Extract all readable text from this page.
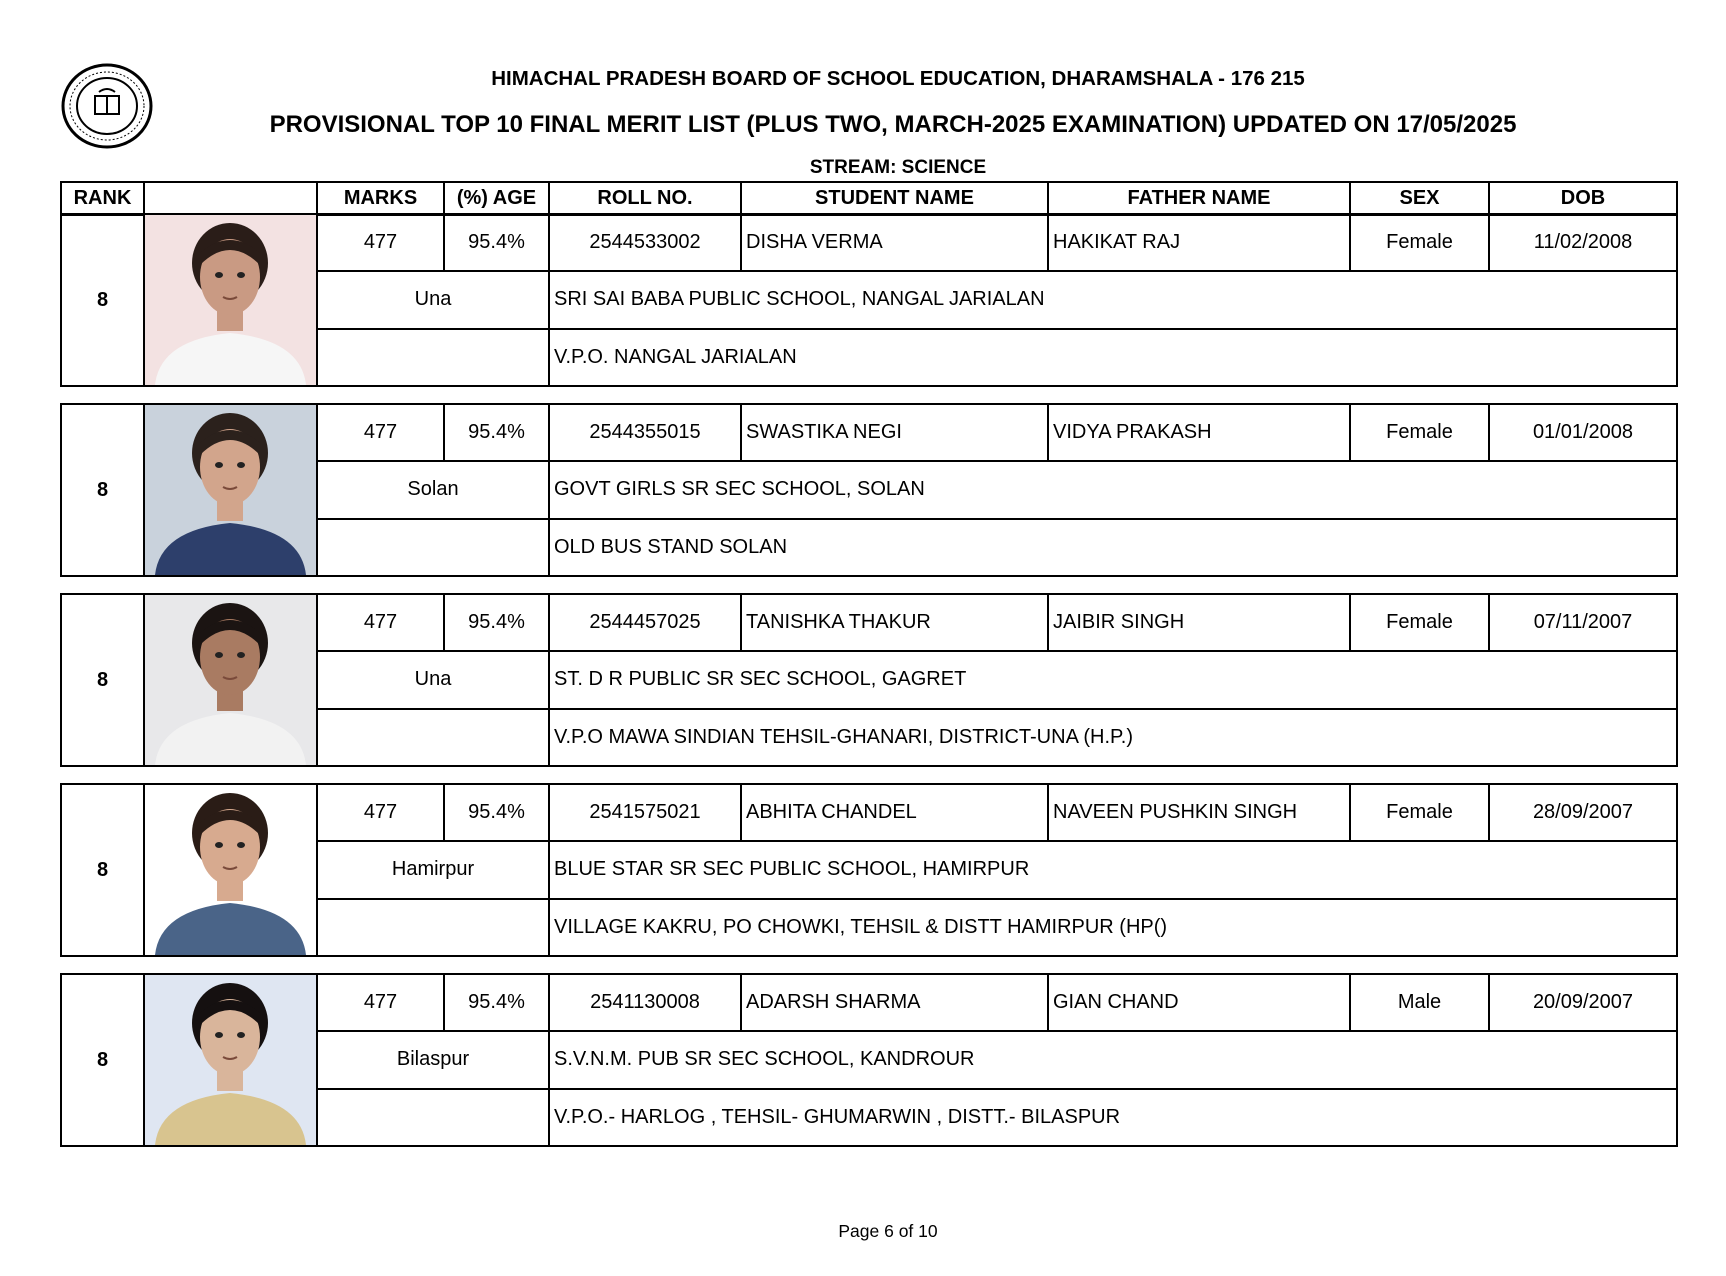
HIMACHAL PRADESH BOARD OF SCHOOL EDUCATION, DHARAMSHALA - 176 215
PROVISIONAL TOP 10 FINAL MERIT LIST (PLUS TWO, MARCH-2025 EXAMINATION) UPDATED ON 17/05/2025
STREAM: SCIENCE
RANK		MARKS	(%) AGE	ROLL NO.	STUDENT NAME	FATHER NAME	SEX	DOB
8		477	95.4%	2544533002	DISHA VERMA	HAKIKAT RAJ	Female	11/02/2008
		Una		SRI SAI BABA PUBLIC SCHOOL, NANGAL JARIALAN				
				V.P.O. NANGAL JARIALAN				
8		477	95.4%	2544355015	SWASTIKA NEGI	VIDYA PRAKASH	Female	01/01/2008
		Solan		GOVT GIRLS SR SEC SCHOOL, SOLAN				
				OLD BUS STAND SOLAN				
8		477	95.4%	2544457025	TANISHKA THAKUR	JAIBIR SINGH	Female	07/11/2007
		Una		ST. D R PUBLIC SR SEC SCHOOL, GAGRET				
				V.P.O MAWA SINDIAN TEHSIL-GHANARI, DISTRICT-UNA (H.P.)				
8		477	95.4%	2541575021	ABHITA CHANDEL	NAVEEN PUSHKIN SINGH	Female	28/09/2007
		Hamirpur		BLUE STAR SR SEC PUBLIC SCHOOL, HAMIRPUR				
				VILLAGE KAKRU, PO CHOWKI, TEHSIL & DISTT HAMIRPUR (HP()				
8		477	95.4%	2541130008	ADARSH SHARMA	GIAN CHAND	Male	20/09/2007
		Bilaspur		S.V.N.M. PUB SR SEC SCHOOL, KANDROUR				
				V.P.O.- HARLOG , TEHSIL- GHUMARWIN , DISTT.- BILASPUR				
Page 6 of 10
